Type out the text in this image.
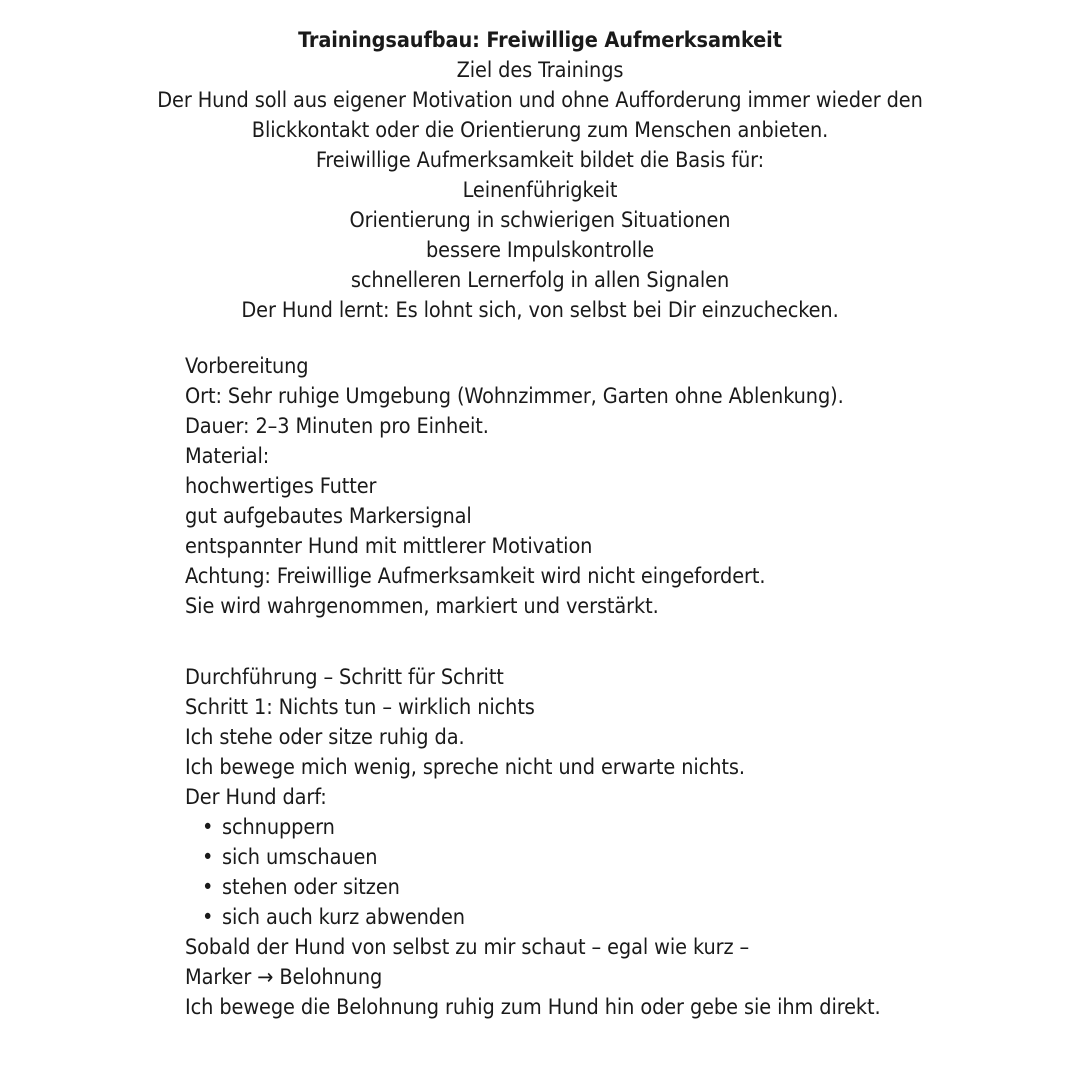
Trainingsaufbau: Freiwillige Aufmerksamkeit
Ziel des Trainings
Der Hund soll aus eigener Motivation und ohne Aufforderung immer wieder den
Blickkontakt oder die Orientierung zum Menschen anbieten.
Freiwillige Aufmerksamkeit bildet die Basis für:
Leinenführigkeit
Orientierung in schwierigen Situationen
bessere Impulskontrolle
schnelleren Lernerfolg in allen Signalen
Der Hund lernt: Es lohnt sich, von selbst bei Dir einzuchecken.
Vorbereitung
Ort: Sehr ruhige Umgebung (Wohnzimmer, Garten ohne Ablenkung).
Dauer: 2–3 Minuten pro Einheit.
Material:
hochwertiges Futter
gut aufgebautes Markersignal
entspannter Hund mit mittlerer Motivation
Achtung: Freiwillige Aufmerksamkeit wird nicht eingefordert.
Sie wird wahrgenommen, markiert und verstärkt.
Durchführung – Schritt für Schritt
Schritt 1: Nichts tun – wirklich nichts
Ich stehe oder sitze ruhig da.
Ich bewege mich wenig, spreche nicht und erwarte nichts.
Der Hund darf:
• schnuppern
• sich umschauen
• stehen oder sitzen
• sich auch kurz abwenden
Sobald der Hund von selbst zu mir schaut – egal wie kurz –
Marker → Belohnung
Ich bewege die Belohnung ruhig zum Hund hin oder gebe sie ihm direkt.
